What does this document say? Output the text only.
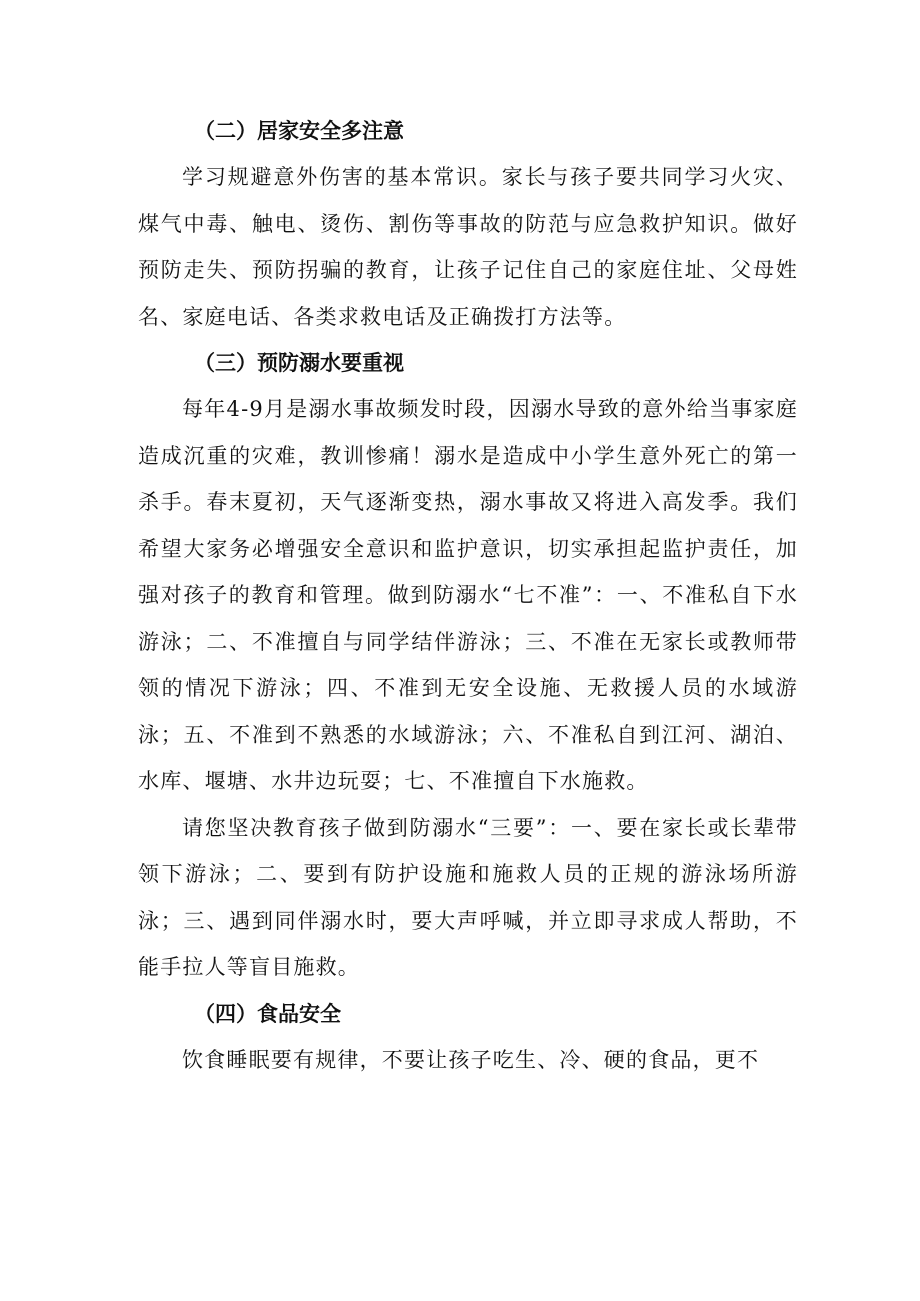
（二）居家安全多注意

学习规避意外伤害的基本常识。家长与孩子要共同学习火灾、煤气中毒、触电、烫伤、割伤等事故的防范与应急救护知识。做好预防走失、预防拐骗的教育，让孩子记住自己的家庭住址、父母姓名、家庭电话、各类求救电话及正确拨打方法等。

（三）预防溺水要重视

每年4-9月是溺水事故频发时段，因溺水导致的意外给当事家庭造成沉重的灾难，教训惨痛！溺水是造成中小学生意外死亡的第一杀手。春末夏初，天气逐渐变热，溺水事故又将进入高发季。我们希望大家务必增强安全意识和监护意识，切实承担起监护责任，加强对孩子的教育和管理。做到防溺水“七不准”：一、不准私自下水游泳；二、不准擅自与同学结伴游泳；三、不准在无家长或教师带领的情况下游泳；四、不准到无安全设施、无救援人员的水域游泳；五、不准到不熟悉的水域游泳；六、不准私自到江河、湖泊、水库、堰塘、水井边玩耍；七、不准擅自下水施救。

请您坚决教育孩子做到防溺水“三要”：一、要在家长或长辈带领下游泳；二、要到有防护设施和施救人员的正规的游泳场所游泳；三、遇到同伴溺水时，要大声呼喊，并立即寻求成人帮助，不能手拉人等盲目施救。

（四）食品安全

饮食睡眠要有规律，不要让孩子吃生、冷、硬的食品，更不
